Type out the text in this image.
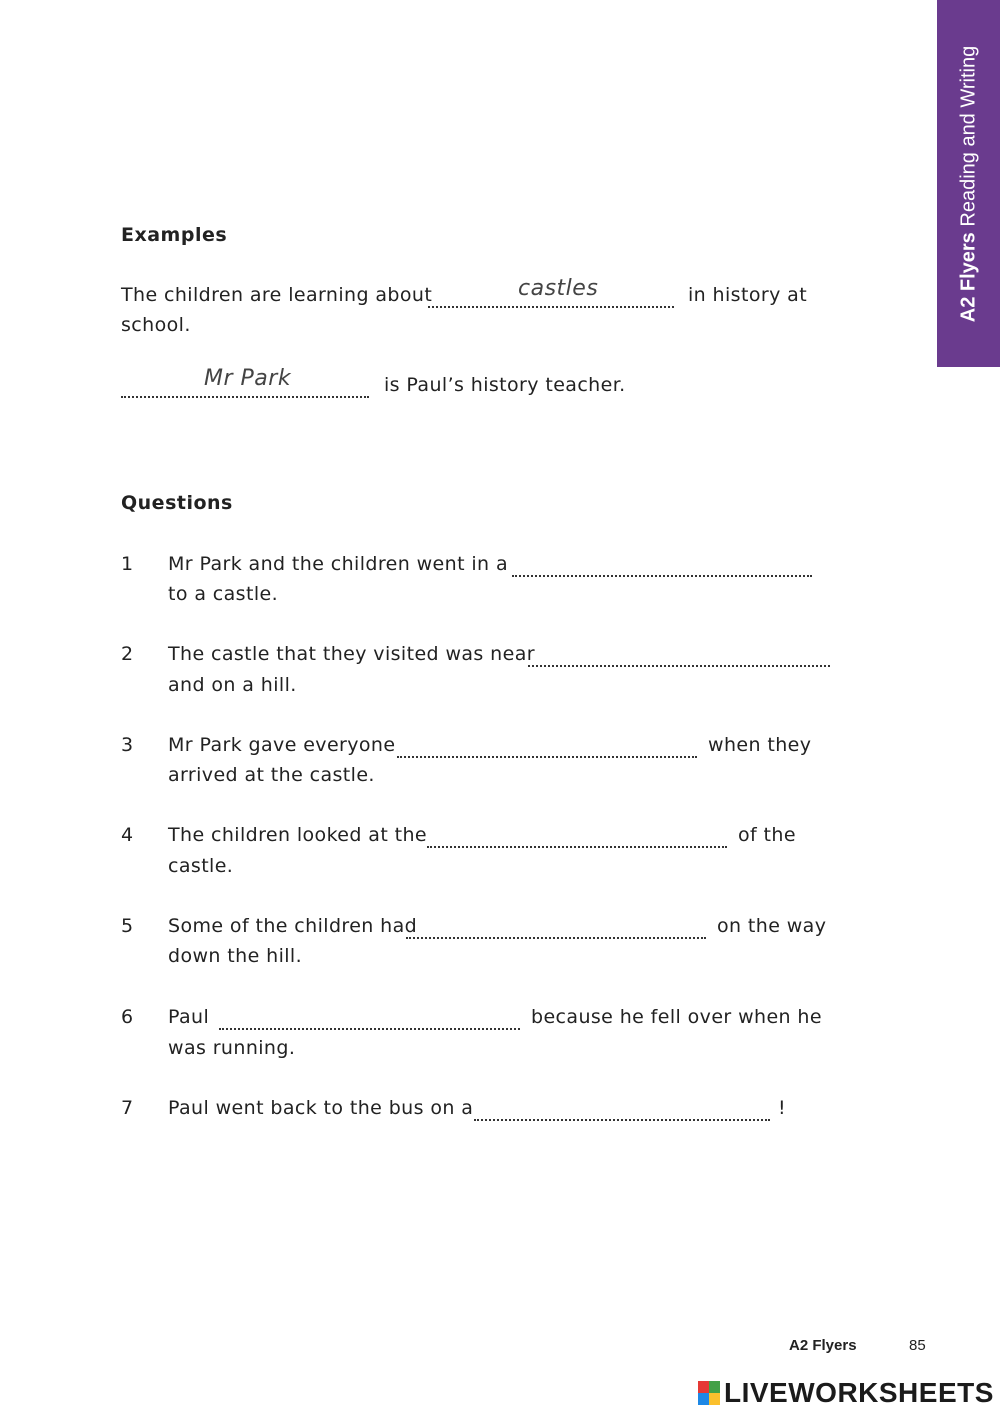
A2 Flyers Reading and Writing
Examples
The children are learning about	castles	in history at
school.
Mr Park	is Paul’s history teacher.
Questions
1 Mr Park and the children went in a
to a castle.
2 The castle that they visited was near
and on a hill.
3 Mr Park gave everyone	when they
arrived at the castle.
4 The children looked at the	of the
castle.
5 Some of the children had	on the way
down the hill.
6 Paul	because he fell over when he
was running.
7 Paul went back to the bus on a	!
A2 Flyers	85
LIVEWORKSHEETS
